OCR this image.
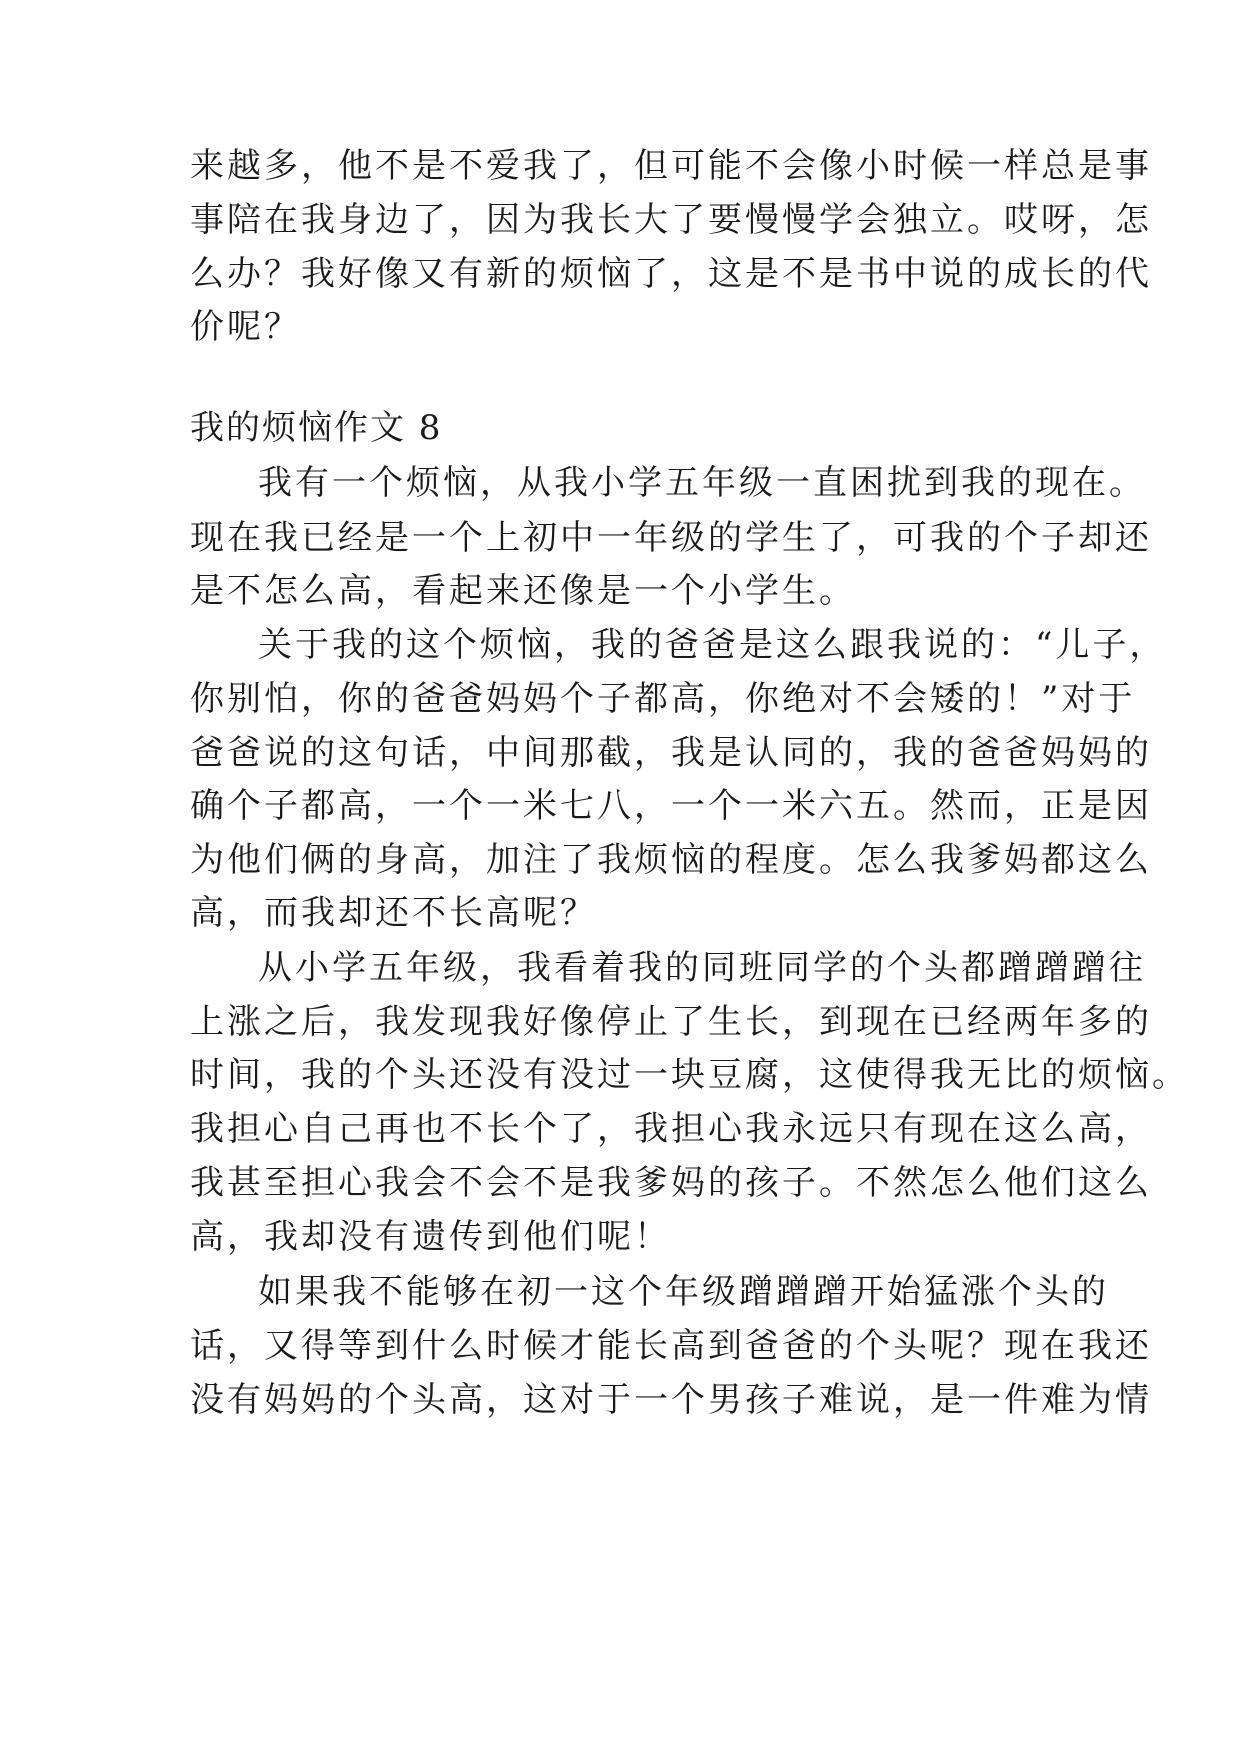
来越多，他不是不爱我了，但可能不会像小时候一样总是事
事陪在我身边了，因为我长大了要慢慢学会独立。哎呀，怎
么办？我好像又有新的烦恼了，这是不是书中说的成长的代
价呢？
我的烦恼作文 8
我有一个烦恼，从我小学五年级一直困扰到我的现在。
现在我已经是一个上初中一年级的学生了，可我的个子却还
是不怎么高，看起来还像是一个小学生。
关于我的这个烦恼，我的爸爸是这么跟我说的：“儿子，
你别怕，你的爸爸妈妈个子都高，你绝对不会矮的！”对于
爸爸说的这句话，中间那截，我是认同的，我的爸爸妈妈的
确个子都高，一个一米七八，一个一米六五。然而，正是因
为他们俩的身高，加注了我烦恼的程度。怎么我爹妈都这么
高，而我却还不长高呢？
从小学五年级，我看着我的同班同学的个头都蹭蹭蹭往
上涨之后，我发现我好像停止了生长，到现在已经两年多的
时间，我的个头还没有没过一块豆腐，这使得我无比的烦恼。
我担心自己再也不长个了，我担心我永远只有现在这么高，
我甚至担心我会不会不是我爹妈的孩子。不然怎么他们这么
高，我却没有遗传到他们呢！
如果我不能够在初一这个年级蹭蹭蹭开始猛涨个头的
话，又得等到什么时候才能长高到爸爸的个头呢？现在我还
没有妈妈的个头高，这对于一个男孩子难说，是一件难为情
